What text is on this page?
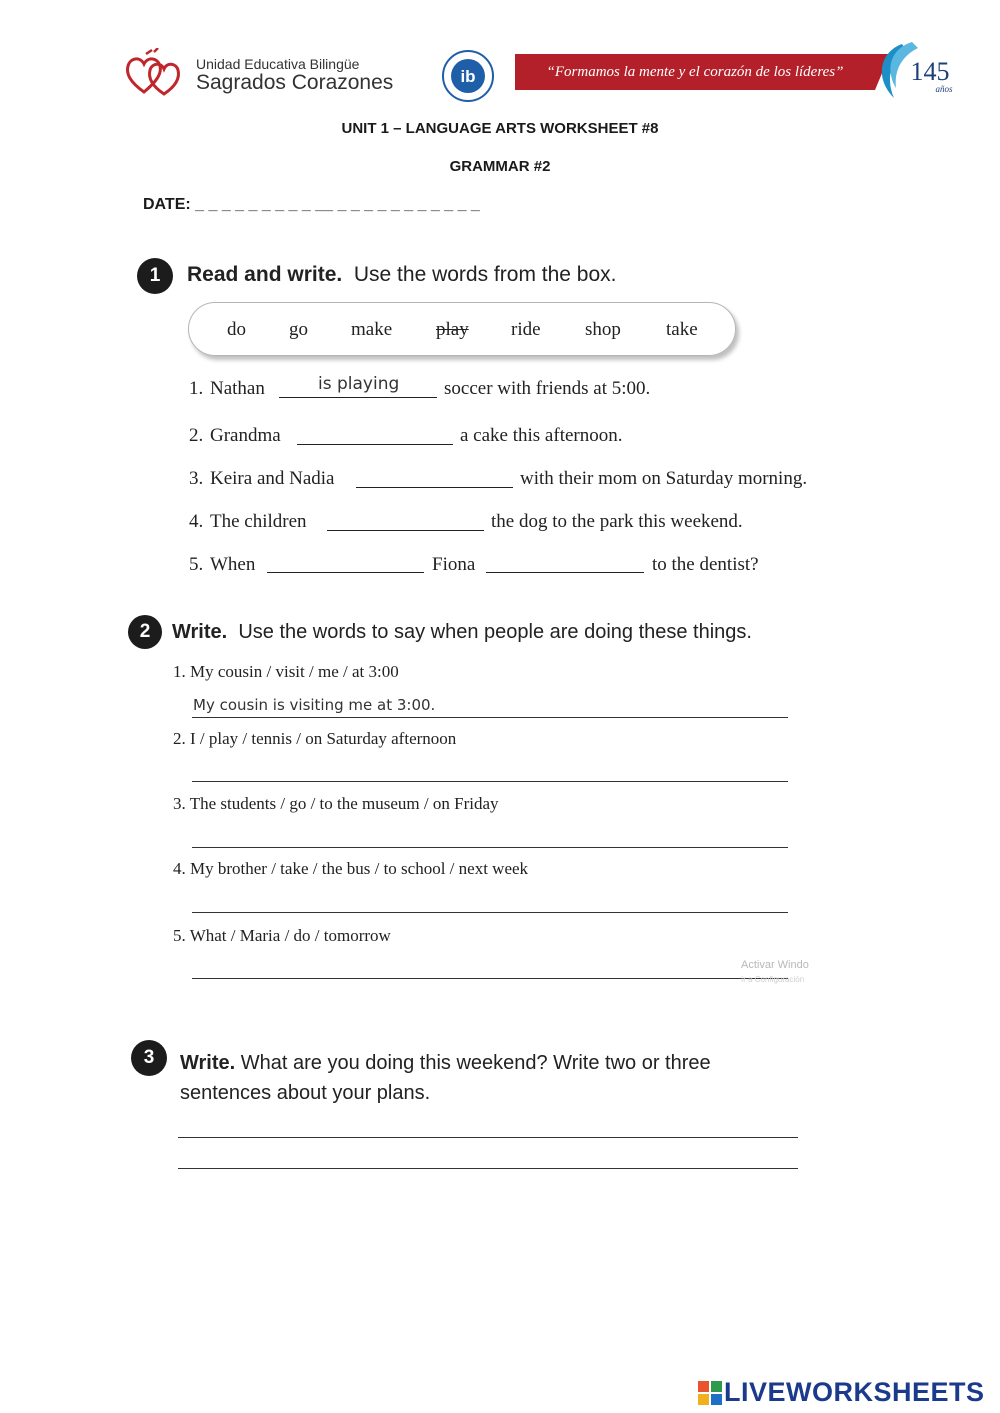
Unidad Educativa Bilingüe
Sagrados Corazones	ib	“Formamos la mente y el corazón de los líderes”	145
años
UNIT 1 – LANGUAGE ARTS WORKSHEET #8
GRAMMAR #2
DATE: _ _ _ _ _ _ _ _ _ __ _ _ _ _ _ _ _ _ _ _ _
1	Read and write. Use the words from the box.
do go make play ride shop take
1. Nathan	is playing soccer with friends at 5:00.
2. Grandma	a cake this afternoon.
3. Keira and Nadia	with their mom on Saturday morning.
4. The children	the dog to the park this weekend.
5. When	Fiona	to the dentist?
2	Write. Use the words to say when people are doing these things.
1. My cousin / visit / me / at 3:00
My cousin is visiting me at 3:00.
2. I / play / tennis / on Saturday afternoon
3. The students / go / to the museum / on Friday
4. My brother / take / the bus / to school / next week
5. What / Maria / do / tomorrow
Activar Windo
Ir a Configuración
3	Write. What are you doing this weekend? Write two or three sentences about your plans.
LIVEWORKSHEETS
